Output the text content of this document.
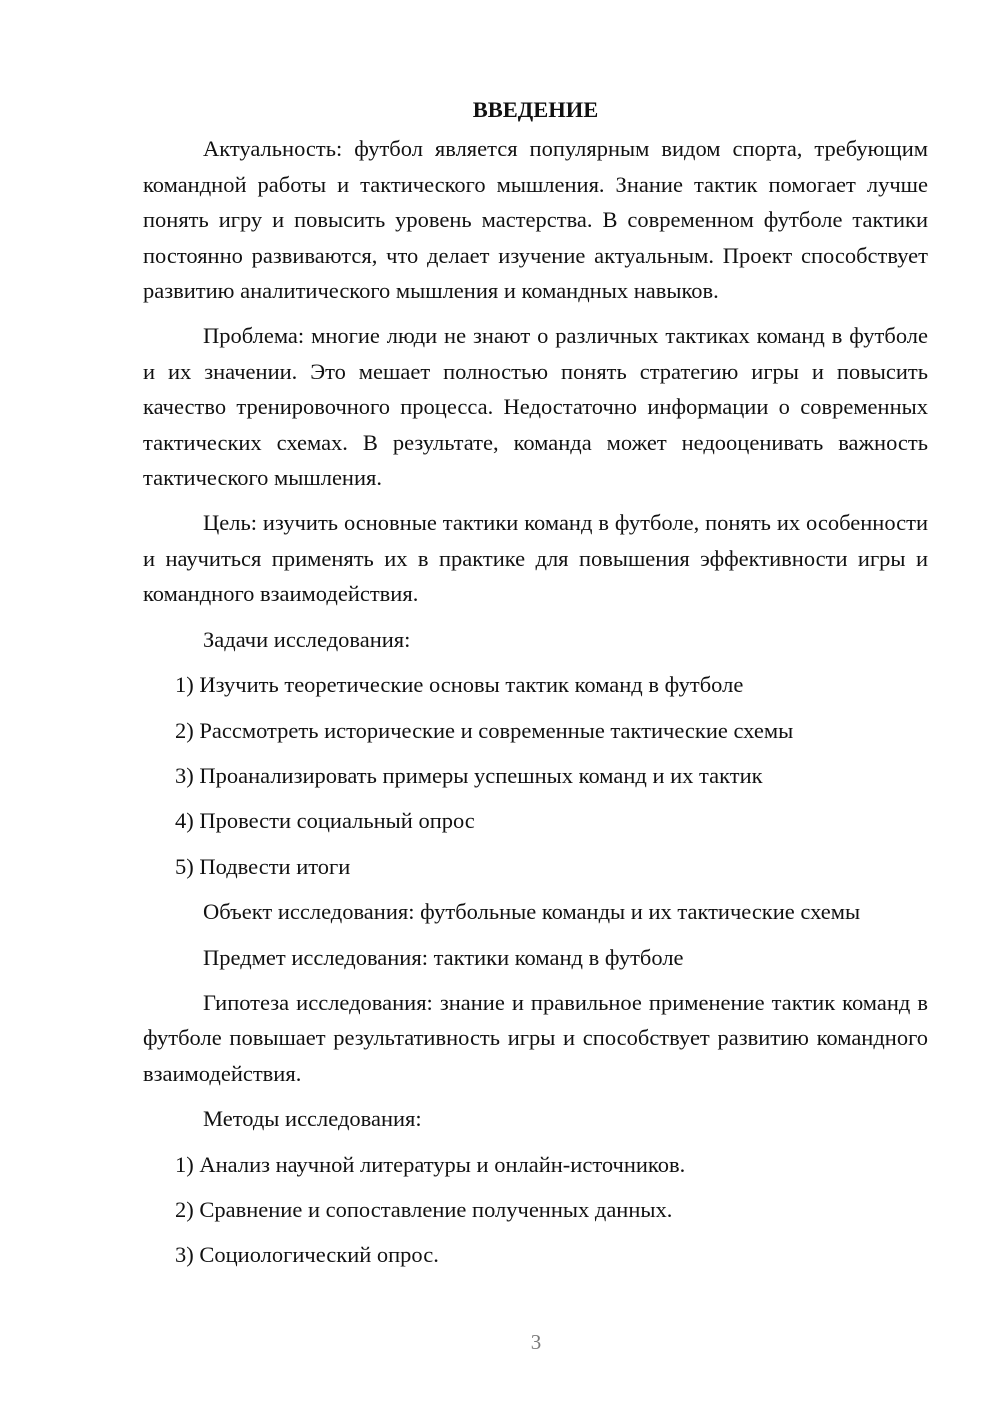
ВВЕДЕНИЕ

Актуальность: футбол является популярным видом спорта, требующим командной работы и тактического мышления. Знание тактик помогает лучше понять игру и повысить уровень мастерства. В современном футболе тактики постоянно развиваются, что делает изучение актуальным. Проект способствует развитию аналитического мышления и командных навыков.

Проблема: многие люди не знают о различных тактиках команд в футболе и их значении. Это мешает полностью понять стратегию игры и повысить качество тренировочного процесса. Недостаточно информации о современных тактических схемах. В результате, команда может недооценивать важность тактического мышления.

Цель: изучить основные тактики команд в футболе, понять их особенности и научиться применять их в практике для повышения эффективности игры и командного взаимодействия.

Задачи исследования:

1) Изучить теоретические основы тактик команд в футболе

2) Рассмотреть исторические и современные тактические схемы

3) Проанализировать примеры успешных команд и их тактик

4) Провести социальный опрос

5) Подвести итоги

Объект исследования: футбольные команды и их тактические схемы

Предмет исследования: тактики команд в футболе

Гипотеза исследования: знание и правильное применение тактик команд в футболе повышает результативность игры и способствует развитию командного взаимодействия.

Методы исследования:

1) Анализ научной литературы и онлайн-источников.

2) Сравнение и сопоставление полученных данных.

3) Социологический опрос.

3
